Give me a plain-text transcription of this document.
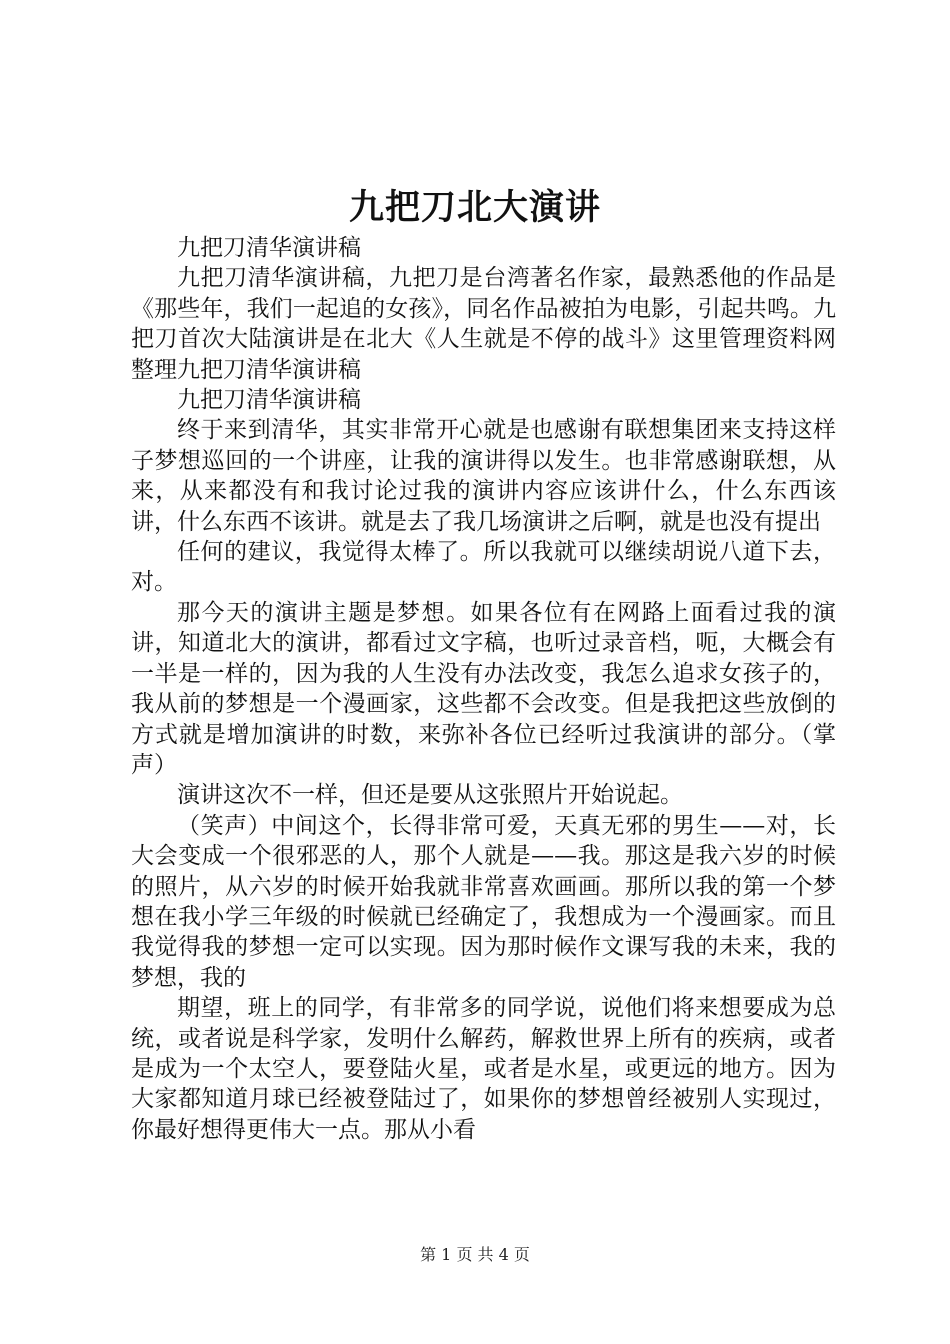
九把刀北大演讲

九把刀清华演讲稿

九把刀清华演讲稿，九把刀是台湾著名作家，最熟悉他的作品是《那些年，我们一起追的女孩》，同名作品被拍为电影，引起共鸣。九把刀首次大陆演讲是在北大《人生就是不停的战斗》这里管理资料网整理九把刀清华演讲稿

九把刀清华演讲稿

终于来到清华，其实非常开心就是也感谢有联想集团来支持这样子梦想巡回的一个讲座，让我的演讲得以发生。也非常感谢联想，从来，从来都没有和我讨论过我的演讲内容应该讲什么，什么东西该讲，什么东西不该讲。就是去了我几场演讲之后啊，就是也没有提出

任何的建议，我觉得太棒了。所以我就可以继续胡说八道下去，对。

那今天的演讲主题是梦想。如果各位有在网路上面看过我的演讲，知道北大的演讲，都看过文字稿，也听过录音档，呃，大概会有一半是一样的，因为我的人生没有办法改变，我怎么追求女孩子的，我从前的梦想是一个漫画家，这些都不会改变。但是我把这些放倒的方式就是增加演讲的时数，来弥补各位已经听过我演讲的部分。（掌声）

演讲这次不一样，但还是要从这张照片开始说起。

（笑声）中间这个，长得非常可爱，天真无邪的男生——对，长大会变成一个很邪恶的人，那个人就是——我。那这是我六岁的时候的照片，从六岁的时候开始我就非常喜欢画画。那所以我的第一个梦想在我小学三年级的时候就已经确定了，我想成为一个漫画家。而且我觉得我的梦想一定可以实现。因为那时候作文课写我的未来，我的梦想，我的

期望，班上的同学，有非常多的同学说，说他们将来想要成为总统，或者说是科学家，发明什么解药，解救世界上所有的疾病，或者是成为一个太空人，要登陆火星，或者是水星，或更远的地方。因为大家都知道月球已经被登陆过了，如果你的梦想曾经被别人实现过，你最好想得更伟大一点。那从小看

第 1 页 共 4 页
